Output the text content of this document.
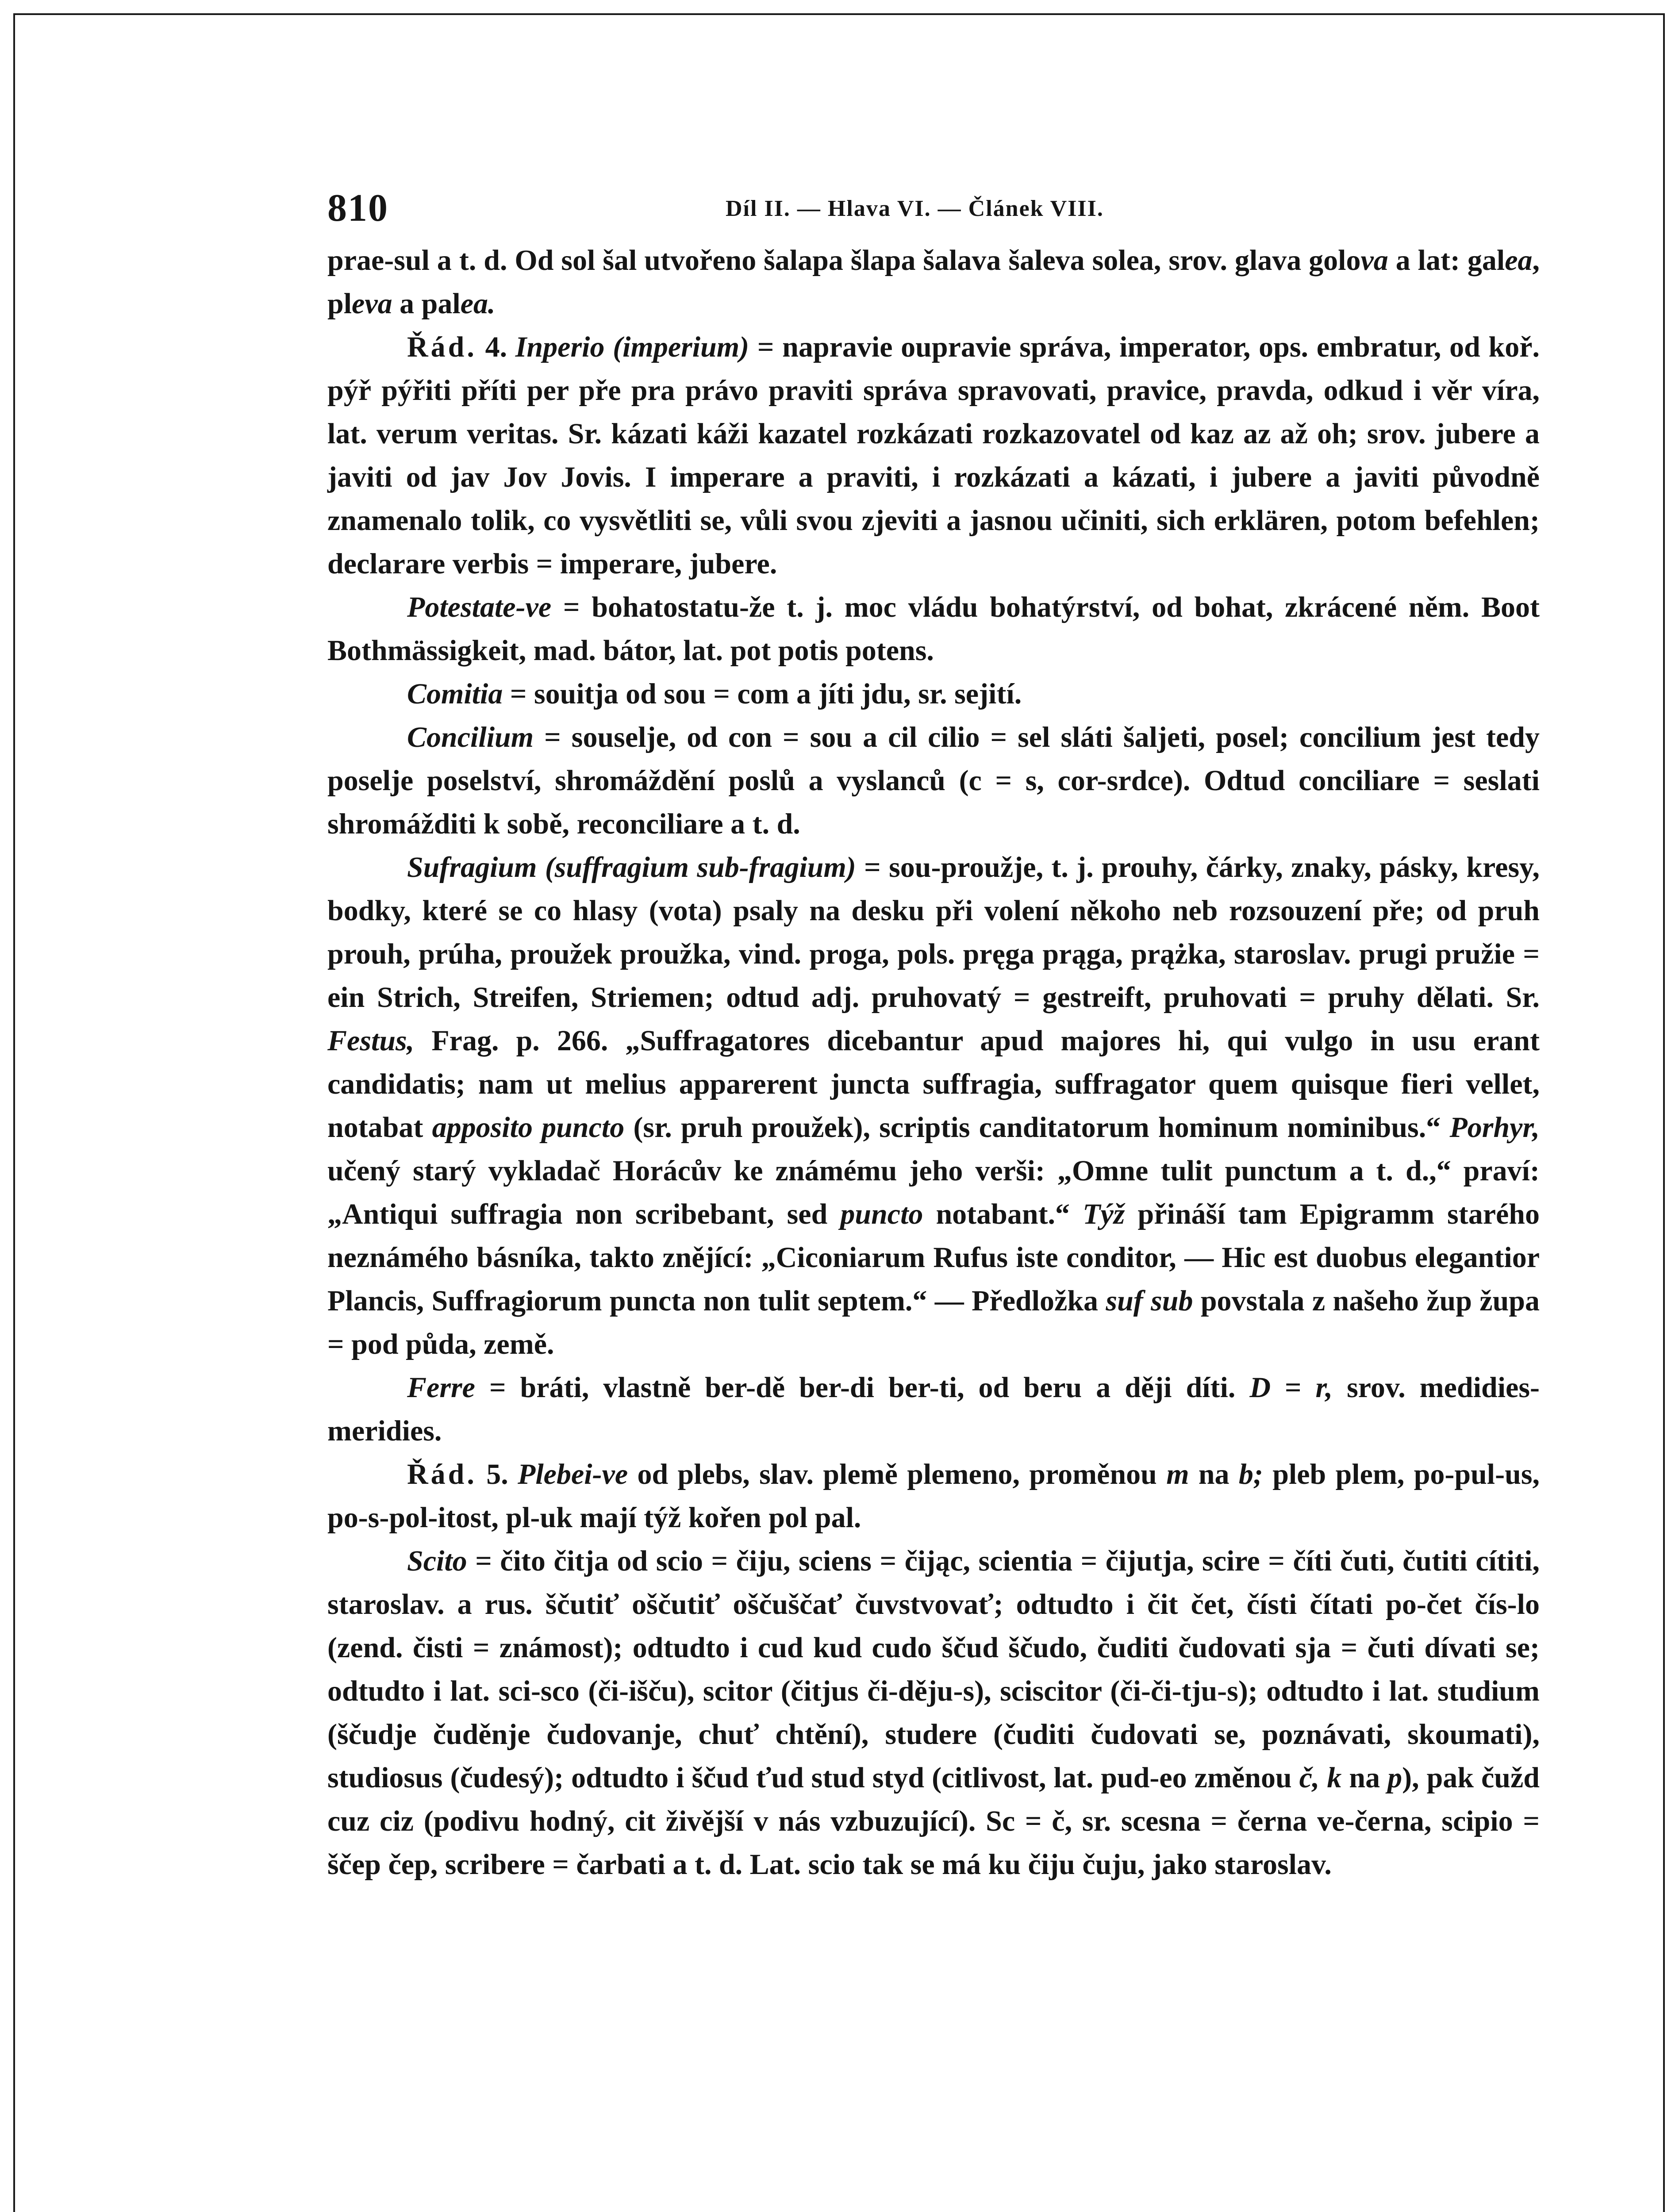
810	Díl II. — Hlava VI. — Článek VIII.

prae-sul a t. d. Od sol šal utvořeno šalapa šlapa šalava šaleva solea, srov. glava golova a lat: galea, pleva a palea.

Řád. 4. Inperio (imperium) = napravie oupravie správa, imperator, ops. embratur, od koř. pýř pýřiti příti per pře pra právo praviti správa spravovati, pravice, pravda, odkud i věr víra, lat. verum veritas. Sr. kázati káži kazatel rozkázati rozkazovatel od kaz az až oh; srov. jubere a javiti od jav Jov Jovis. I imperare a praviti, i rozkázati a kázati, i jubere a javiti původně znamenalo tolik, co vysvětliti se, vůli svou zjeviti a jasnou učiniti, sich erklären, potom befehlen; declarare verbis = imperare, jubere.

Potestate-ve = bohatostatu-že t. j. moc vládu bohatýrství, od bohat, zkrácené něm. Boot Bothmässigkeit, mad. bátor, lat. pot potis potens.

Comitia = souitja od sou = com a jíti jdu, sr. sejití.

Concilium = souselje, od con = sou a cil cilio = sel sláti šaljeti, posel; concilium jest tedy poselje poselství, shromáždění poslů a vyslanců (c = s, cor-srdce). Odtud conciliare = seslati shromážditi k sobě, reconciliare a t. d.

Sufragium (suffragium sub-fragium) = sou-proužje, t. j. prouhy, čárky, znaky, pásky, kresy, bodky, které se co hlasy (vota) psaly na desku při volení někoho neb rozsouzení pře; od pruh prouh, prúha, proužek proužka, vind. proga, pols. pręga prąga, prążka, staroslav. prugi pružie = ein Strich, Streifen, Striemen; odtud adj. pruhovatý = gestreift, pruhovati = pruhy dělati. Sr. Festus, Frag. p. 266. „Suffragatores dicebantur apud majores hi, qui vulgo in usu erant candidatis; nam ut melius apparerent juncta suffragia, suffragator quem quisque fieri vellet, notabat apposito puncto (sr. pruh proužek), scriptis canditatorum hominum nominibus.“ Porhyr, učený starý vykladač Horácův ke známému jeho verši: „Omne tulit punctum a t. d.,“ praví: „Antiqui suffragia non scribebant, sed puncto notabant.“ Týž přináší tam Epigramm starého neznámého básníka, takto znějící: „Ciconiarum Rufus iste conditor, — Hic est duobus elegantior Plancis, Suffragiorum puncta non tulit septem.“ — Předložka suf sub povstala z našeho žup župa = pod půda, země.

Ferre = bráti, vlastně ber-dě ber-di ber-ti, od beru a ději díti. D = r, srov. medidies-meridies.

Řád. 5. Plebei-ve od plebs, slav. plemě plemeno, proměnou m na b; pleb plem, po-pul-us, po-s-pol-itost, pl-uk mají týž kořen pol pal.

Scito = čito čitja od scio = čiju, sciens = čijąc, scientia = čijutja, scire = číti čuti, čutiti cítiti, staroslav. a rus. ščutiť oščutiť oščuščať čuvstvovať; odtudto i čit čet, čísti čítati po-čet čís-lo (zend. čisti = známost); odtudto i cud kud cudo ščud ščudo, čuditi čudovati sja = čuti dívati se; odtudto i lat. sci-sco (či-išču), scitor (čitjus či-děju-s), sciscitor (či-či-tju-s); odtudto i lat. studium (ščudje čuděnje čudovanje, chuť chtění), studere (čuditi čudovati se, poznávati, skoumati), studiosus (čudesý); odtudto i ščud ťud stud styd (citlivost, lat. pud-eo změnou č, k na p), pak čužd cuz ciz (podivu hodný, cit živější v nás vzbuzující). Sc = č, sr. scesna = černa ve-černa, scipio = ščep čep, scribere = čarbati a t. d. Lat. scio tak se má ku čiju čuju, jako staroslav.
